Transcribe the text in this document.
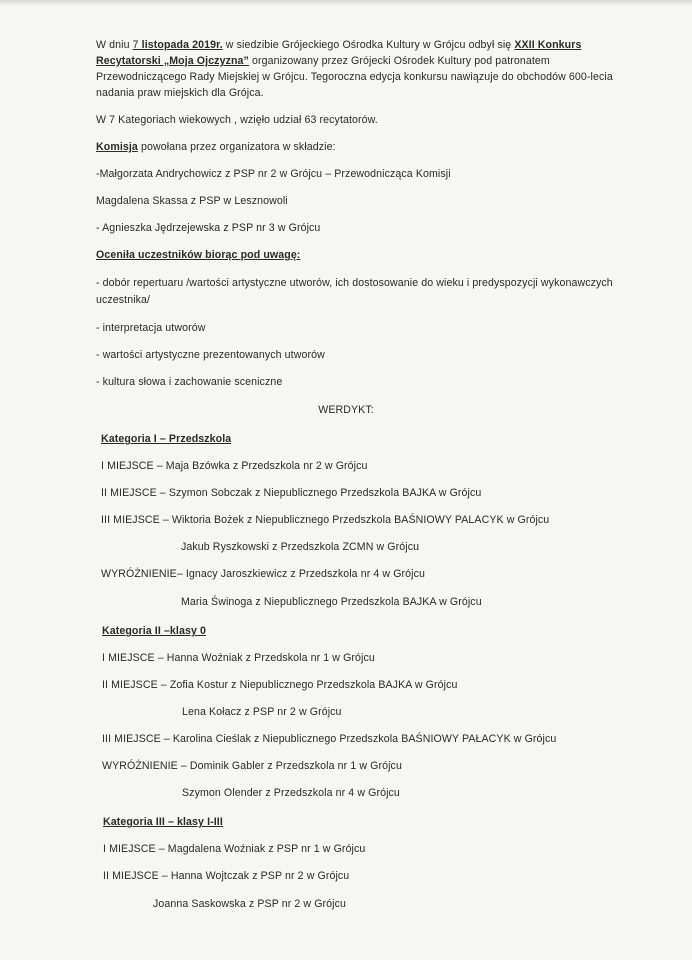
W dniu 7 listopada 2019r. w siedzibie Grójeckiego Ośrodka Kultury w Grójcu odbył się XXII Konkurs
Recytatorski „Moja Ojczyzna” organizowany przez Grójecki Ośrodek Kultury pod patronatem
Przewodniczącego Rady Miejskiej w Grójcu. Tegoroczna edycja konkursu nawiązuje do obchodów 600-lecia
nadania praw miejskich dla Grójca.
W 7 Kategoriach wiekowych , wzięło udział 63 recytatorów.
Komisja powołana przez organizatora w składzie:
-Małgorzata Andrychowicz z PSP nr 2 w Grójcu – Przewodnicząca Komisji
Magdalena Skassa z PSP w Lesznowoli
- Agnieszka Jędrzejewska z PSP nr 3 w Grójcu
Oceniła uczestników biorąc pod uwagę:
- dobór repertuaru /wartości artystyczne utworów, ich dostosowanie do wieku i predyspozycji wykonawczych
uczestnika/
- interpretacja utworów
- wartości artystyczne prezentowanych utworów
- kultura słowa i zachowanie sceniczne
WERDYKT:
Kategoria I – Przedszkola
I MIEJSCE – Maja Bzówka z Przedszkola nr 2 w Grójcu
II MIEJSCE – Szymon Sobczak z Niepublicznego Przedszkola BAJKA w Grójcu
III MIEJSCE – Wiktoria Bożek z Niepublicznego Przedszkola BAŚNIOWY PALACYK w Grójcu
Jakub Ryszkowski z Przedszkola ZCMN w Grójcu
WYRÓŻNIENIE– Ignacy Jaroszkiewicz z Przedszkola nr 4 w Grójcu
Maria Świnoga z Niepublicznego Przedszkola BAJKA w Grójcu
Kategoria II –klasy 0
I MIEJSCE – Hanna Woźniak z Przedskola nr 1 w Grójcu
II MIEJSCE – Zofia Kostur z Niepublicznego Przedszkola BAJKA w Grójcu
Lena Kołacz z PSP nr 2 w Grójcu
III MIEJSCE – Karolina Cieślak z Niepublicznego Przedszkola BAŚNIOWY PAŁACYK w Grójcu
WYRÓŻNIENIE – Dominik Gabler z Przedszkola nr 1 w Grójcu
Szymon Olender z Przedszkola nr 4 w Grójcu
Kategoria III – klasy I-III
I MIEJSCE – Magdalena Woźniak z PSP nr 1 w Grójcu
II MIEJSCE – Hanna Wojtczak z PSP nr 2 w Grójcu
Joanna Saskowska z PSP nr 2 w Grójcu
